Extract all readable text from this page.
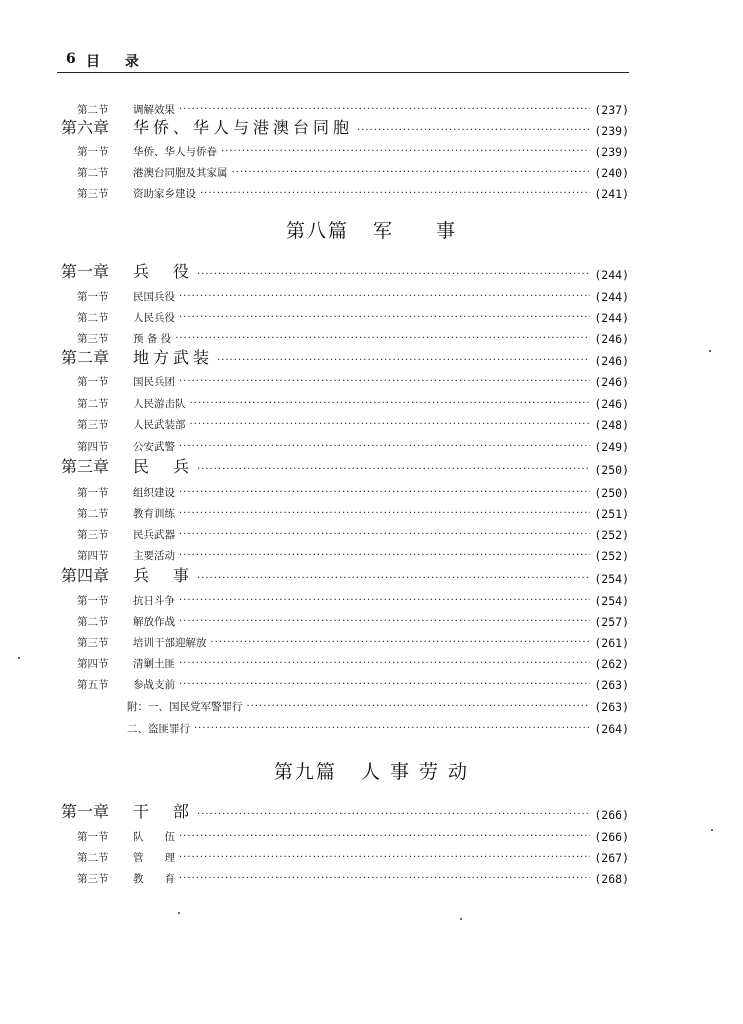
6 目 录
第二节 调解效果 ·····	(237)
第六章 华侨、华人与港澳台同胞 ·····	(239)
第一节 华侨、华人与侨眷 ·····	(239)
第二节 港澳台同胞及其家属 ·····	(240)
第三节 资助家乡建设 ·····	(241)
第八篇 军　　事
第一章 兵　役 ·····	(244)
第一节 民国兵役 ·····	(244)
第二节 人民兵役 ·····	(244)
第三节 预 备 役 ·····	(246)
第二章 地方武装 ·····	(246)
第一节 国民兵团 ·····	(246)
第二节 人民游击队 ·····	(246)
第三节 人民武装部 ·····	(248)
第四节 公安武警 ·····	(249)
第三章 民　兵 ·····	(250)
第一节 组织建设 ·····	(250)
第二节 教育训练 ·····	(251)
第三节 民兵武器 ·····	(252)
第四节 主要活动 ·····	(252)
第四章 兵　事 ·····	(254)
第一节 抗日斗争 ·····	(254)
第二节 解放作战 ·····	(257)
第三节 培训干部迎解放 ·····	(261)
第四节 清剿土匪 ·····	(262)
第五节 参战支前 ·····	(263)
附：一、国民党军警罪行 ·····	(263)
二、盗匪罪行 ·····	(264)
第九篇 人 事 劳 动
第一章 干　部 ·····	(266)
第一节 队　　伍 ·····	(266)
第二节 管　　理 ·····	(267)
第三节 教　　育 ·····	(268)
